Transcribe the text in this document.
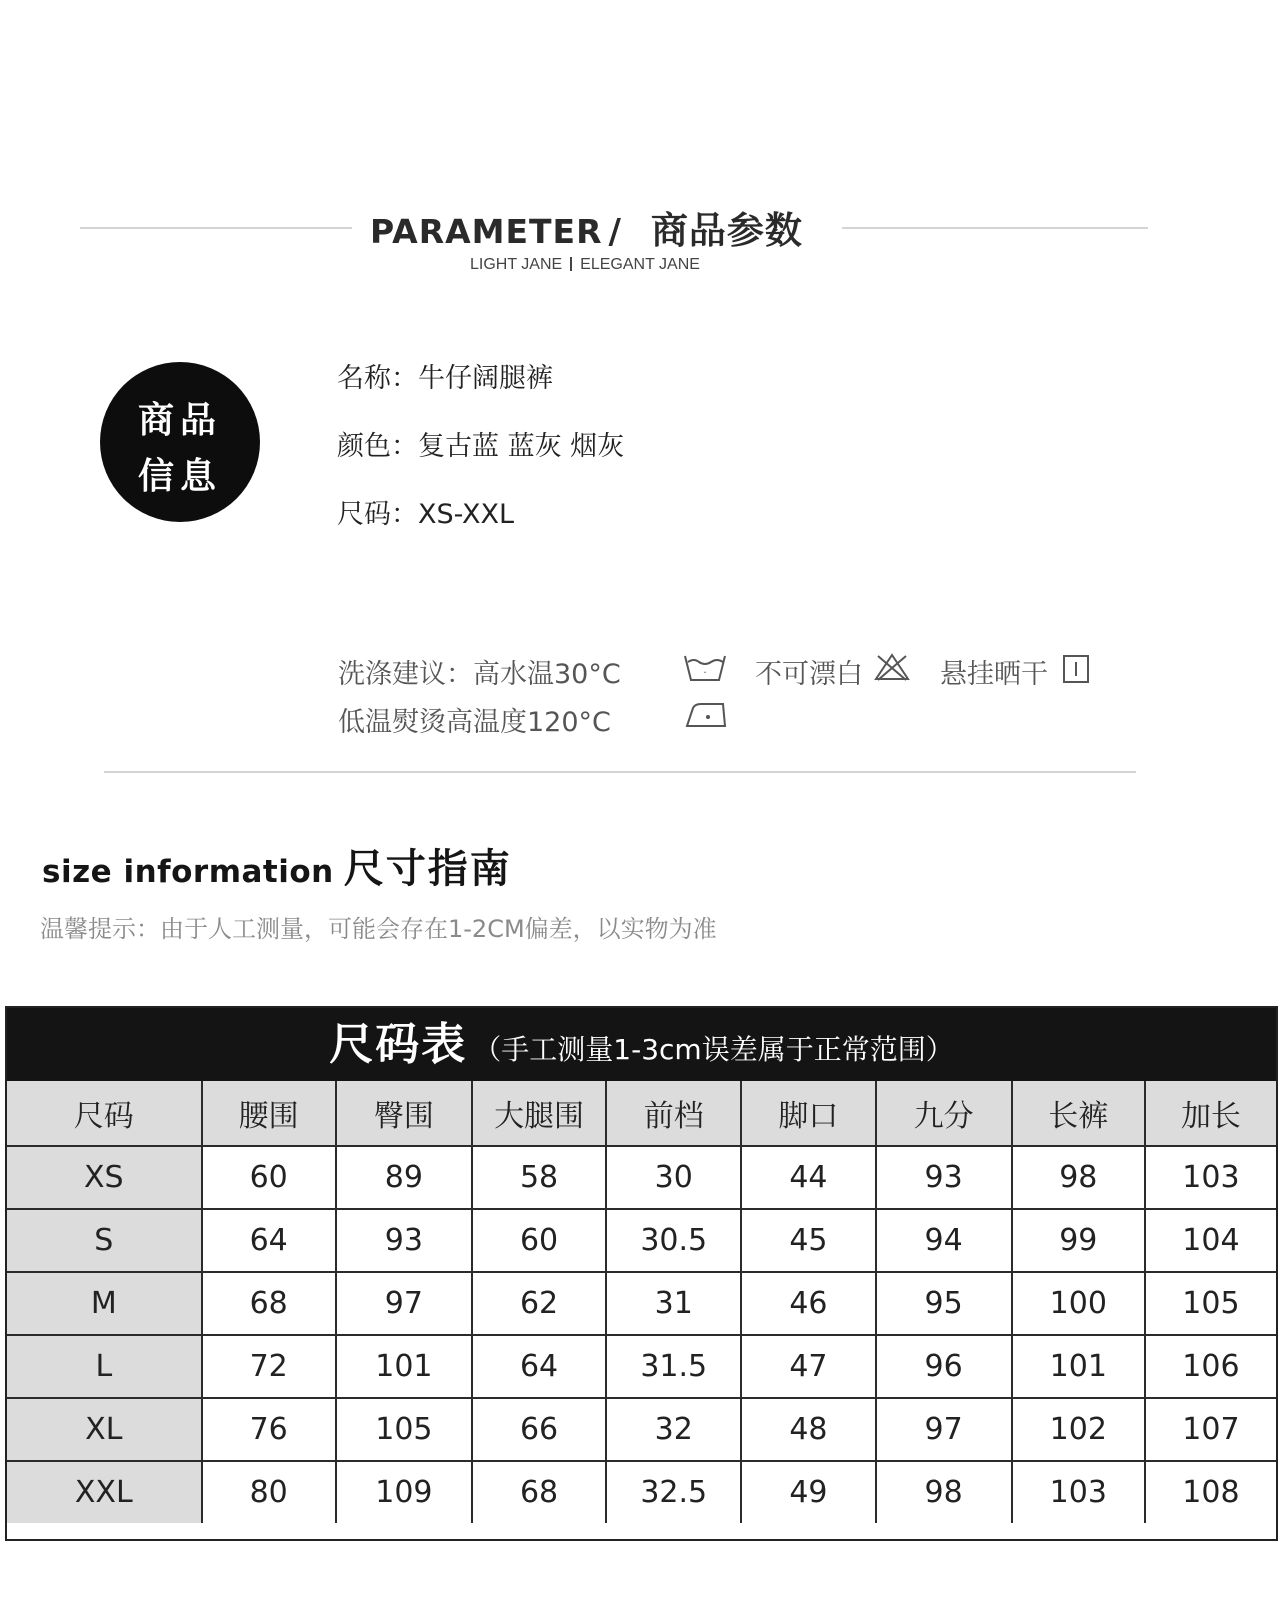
PARAMETER / 商品参数
LIGHT JANE ELEGANT JANE
商品
信息
名称：牛仔阔腿裤
颜色：复古蓝 蓝灰 烟灰
尺码：XS-XXL
洗涤建议：高水温30°C
低温熨烫高温度120°C
· 不可漂白	悬挂晒干
size information 尺寸指南
温馨提示：由于人工测量，可能会存在1-2CM偏差，以实物为准
尺码表 （手工测量1-3cm误差属于正常范围）
尺码	腰围	臀围	大腿围	前档	脚口	九分	长裤	加长
XS	60	89	58	30	44	93	98	103
S	64	93	60	30.5	45	94	99	104
M	68	97	62	31	46	95	100	105
L	72	101	64	31.5	47	96	101	106
XL	76	105	66	32	48	97	102	107
XXL	80	109	68	32.5	49	98	103	108
